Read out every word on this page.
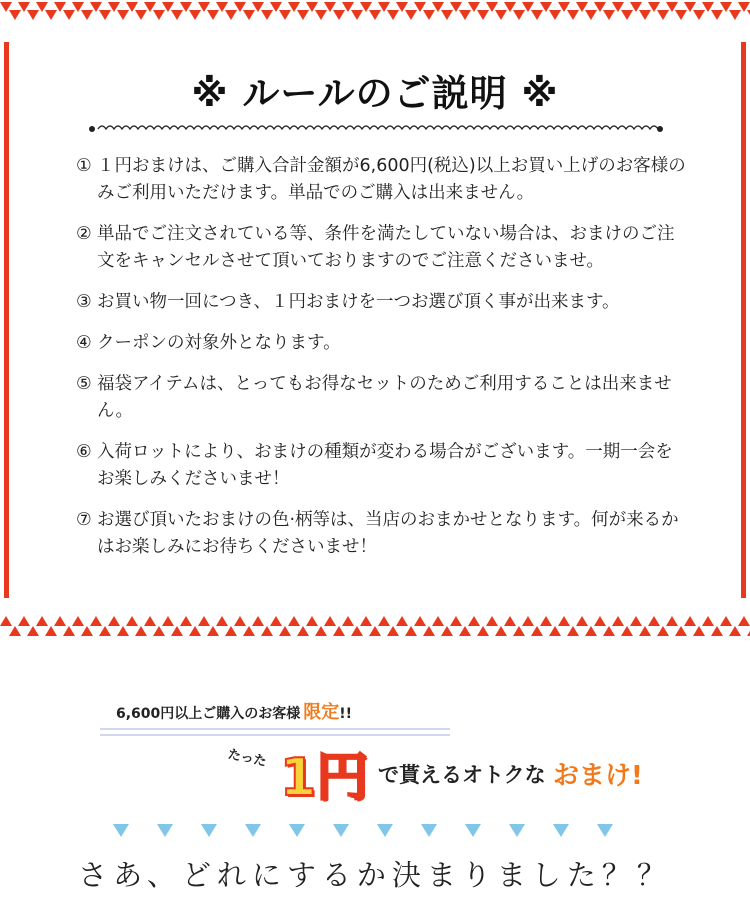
※ ルールのご説明 ※
① １円おまけは、ご購入合計金額が6,600円(税込)以上お買い上げのお客様のみご利用いただけます。単品でのご購入は出来ません。
② 単品でご注文されている等、条件を満たしていない場合は、おまけのご注文をキャンセルさせて頂いておりますのでご注意くださいませ。
③ お買い物一回につき、１円おまけを一つお選び頂く事が出来ます。
④ クーポンの対象外となります。
⑤ 福袋アイテムは、とってもお得なセットのためご利用することは出来ません。
⑥ 入荷ロットにより、おまけの種類が変わる場合がございます。一期一会をお楽しみくださいませ！
⑦ お選び頂いたおまけの色·柄等は、当店のおまかせとなります。何が来るかはお楽しみにお待ちくださいませ！
6,600円以上ご購入のお客様 限定!!
たった 1円 で貰えるオトクな おまけ!
さあ、どれにするか決まりました？？
